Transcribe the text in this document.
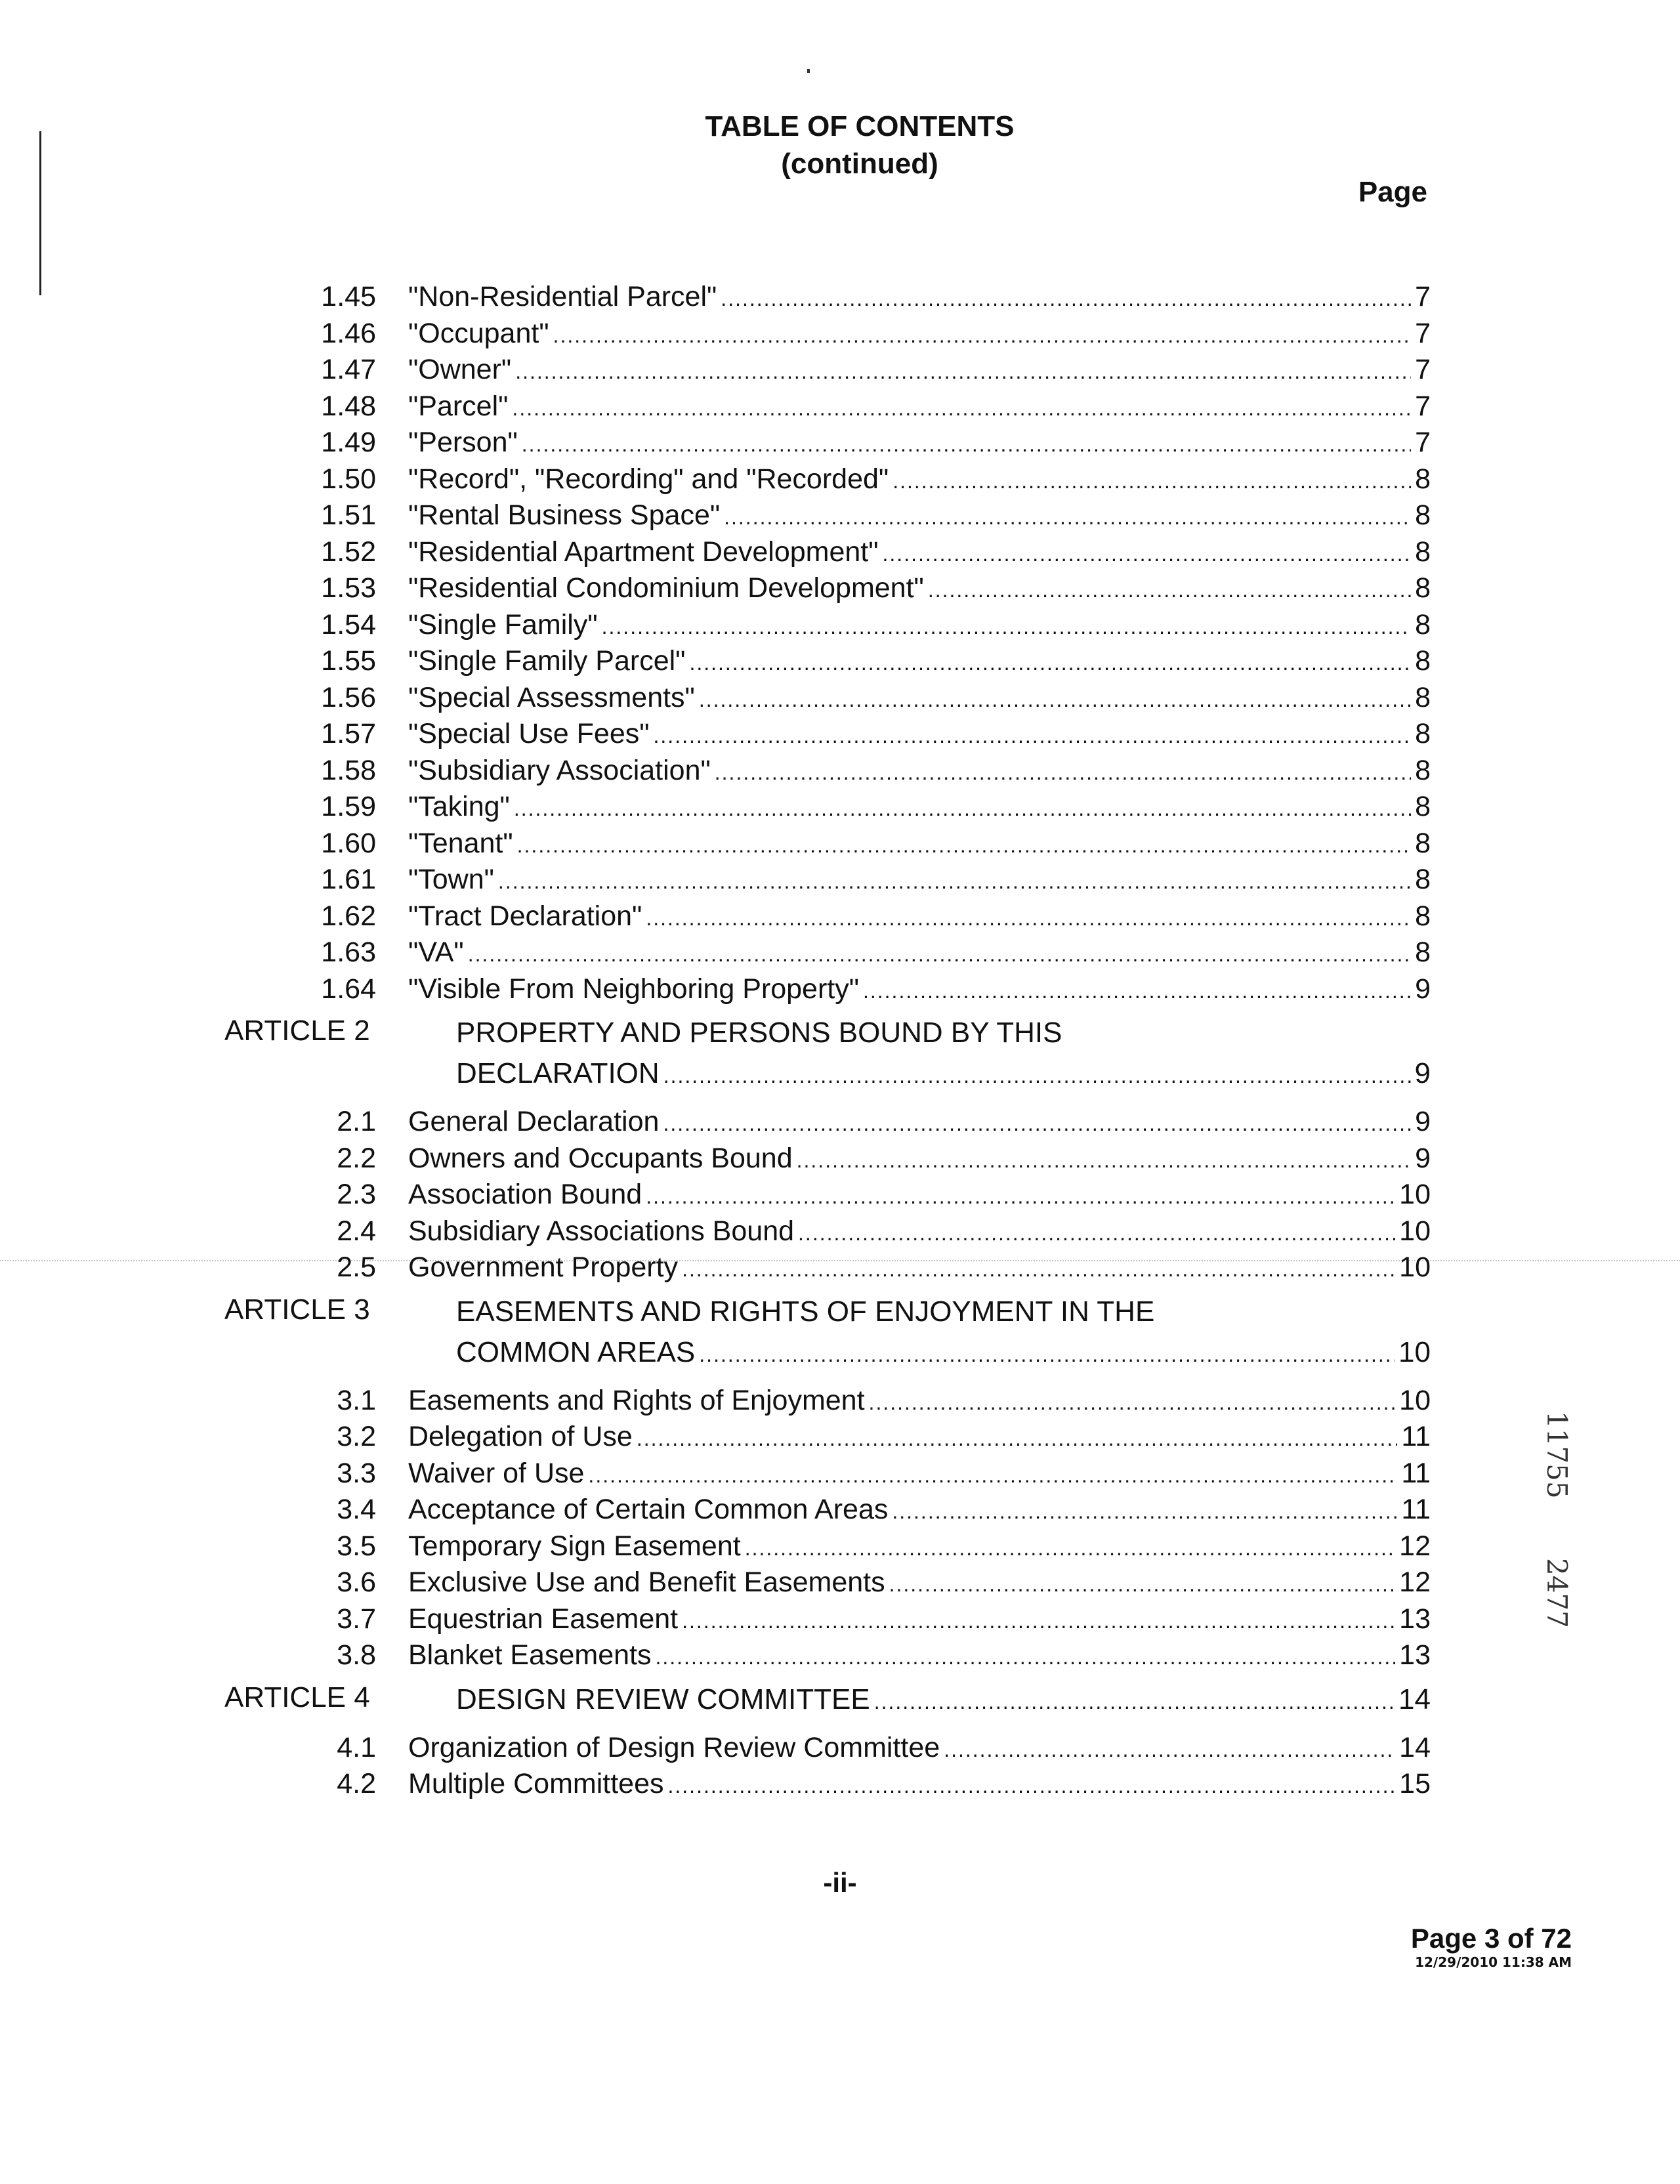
TABLE OF CONTENTS
(continued)
Page
1.45 "Non-Residential Parcel" .....	7
1.46 "Occupant" .....	7
1.47 "Owner" .....	7
1.48 "Parcel" .....	7
1.49 "Person" .....	7
1.50 "Record", "Recording" and "Recorded" .....	8
1.51 "Rental Business Space" .....	8
1.52 "Residential Apartment Development" .....	8
1.53 "Residential Condominium Development" .....	8
1.54 "Single Family" .....	8
1.55 "Single Family Parcel" .....	8
1.56 "Special Assessments" .....	8
1.57 "Special Use Fees" .....	8
1.58 "Subsidiary Association" .....	8
1.59 "Taking" .....	8
1.60 "Tenant" .....	8
1.61 "Town" .....	8
1.62 "Tract Declaration" .....	8
1.63 "VA" .....	8
1.64 "Visible From Neighboring Property" .....	9
ARTICLE 2	PROPERTY AND PERSONS BOUND BY THIS
DECLARATION .....	9
2.1 General Declaration .....	9
2.2 Owners and Occupants Bound .....	9
2.3 Association Bound .....	10
2.4 Subsidiary Associations Bound .....	10
2.5 Government Property .....	10
ARTICLE 3	EASEMENTS AND RIGHTS OF ENJOYMENT IN THE
COMMON AREAS .....	10
3.1 Easements and Rights of Enjoyment .....	10
3.2 Delegation of Use .....	11
3.3 Waiver of Use .....	11
3.4 Acceptance of Certain Common Areas .....	11
3.5 Temporary Sign Easement .....	12
3.6 Exclusive Use and Benefit Easements .....	12
3.7 Equestrian Easement .....	13
3.8 Blanket Easements .....	13
ARTICLE 4	DESIGN REVIEW COMMITTEE .....	14
4.1 Organization of Design Review Committee .....	14
4.2 Multiple Committees .....	15
-ii-
Page 3 of 72
12/29/2010 11:38 AM
11755
2477
